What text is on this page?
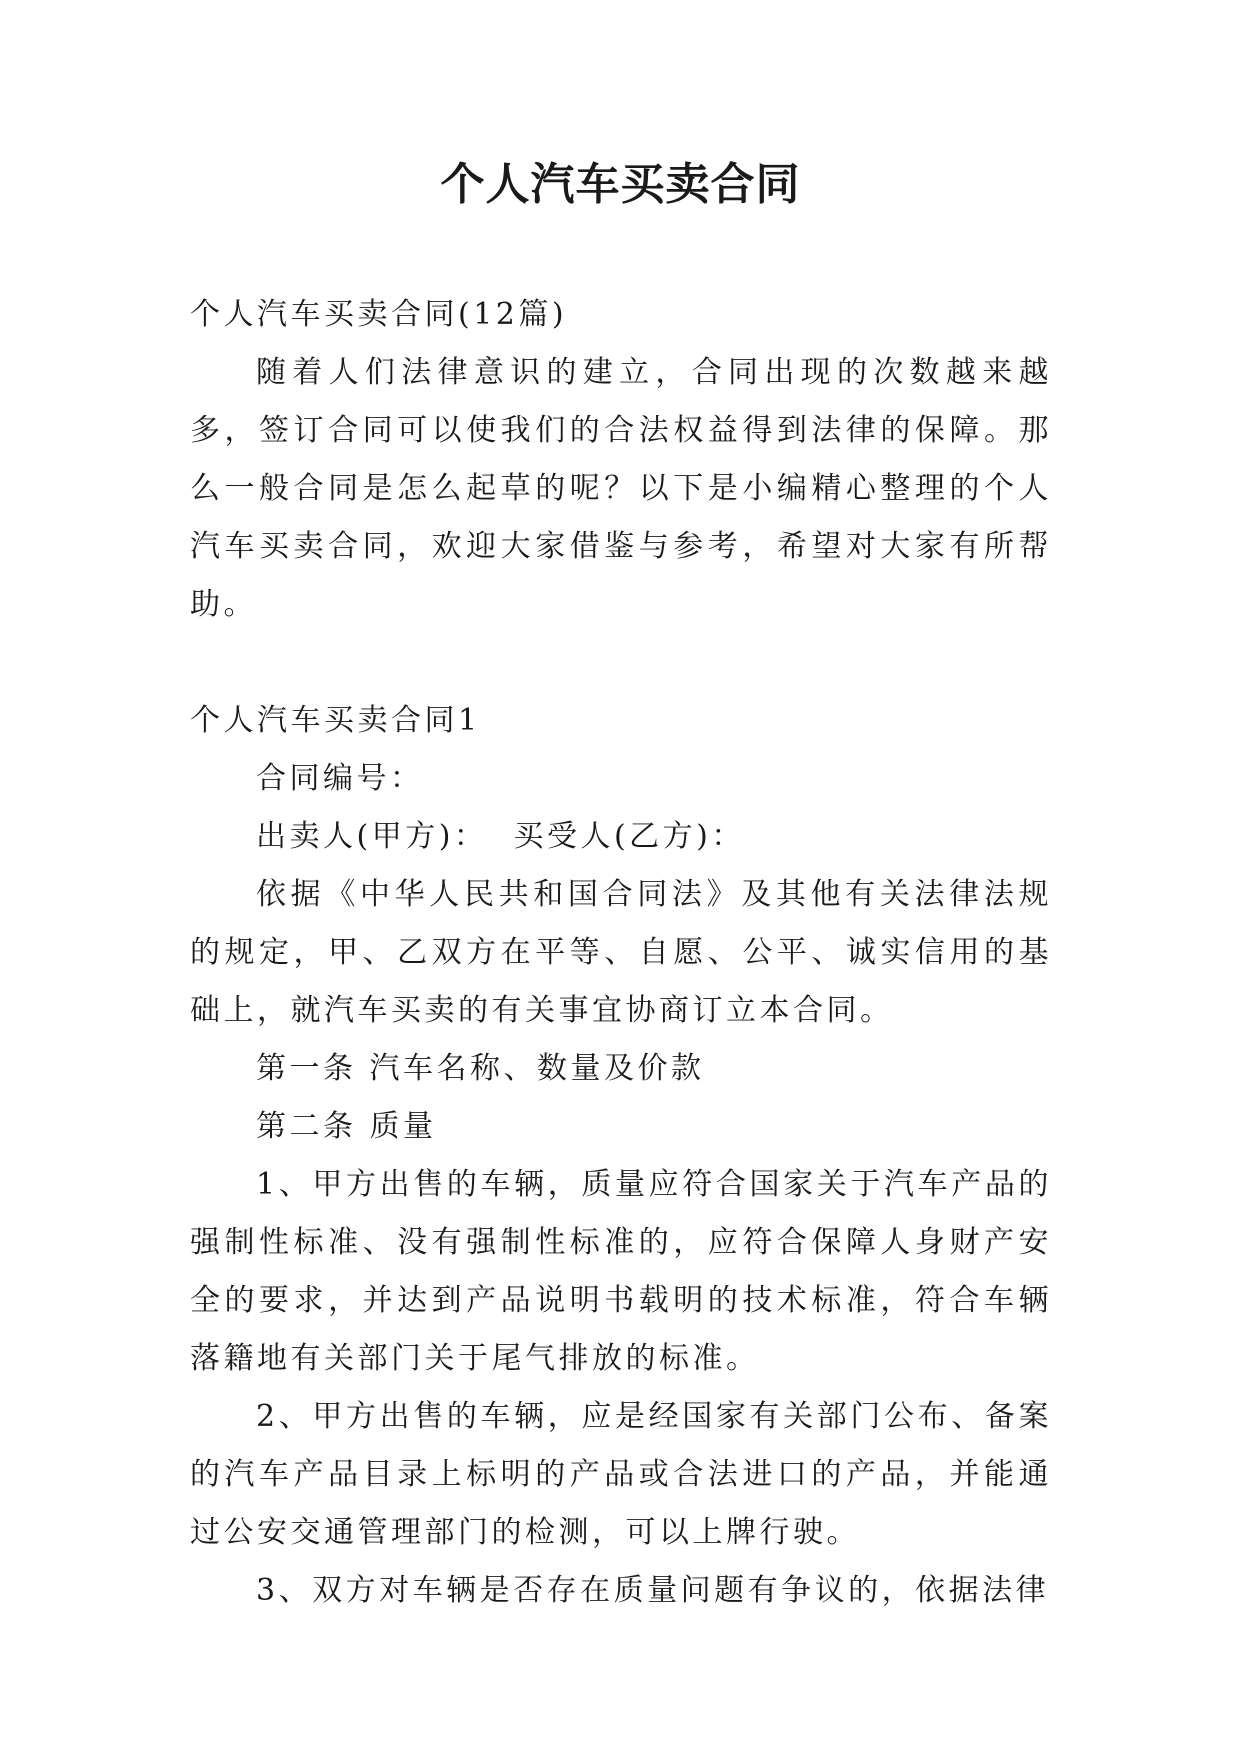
个人汽车买卖合同

个人汽车买卖合同(12篇)

随着人们法律意识的建立，合同出现的次数越来越多，签订合同可以使我们的合法权益得到法律的保障。那么一般合同是怎么起草的呢？以下是小编精心整理的个人汽车买卖合同，欢迎大家借鉴与参考，希望对大家有所帮助。

个人汽车买卖合同1

合同编号：

出卖人(甲方)：  买受人(乙方)：

依据《中华人民共和国合同法》及其他有关法律法规的规定，甲、乙双方在平等、自愿、公平、诚实信用的基础上，就汽车买卖的有关事宜协商订立本合同。

第一条 汽车名称、数量及价款

第二条 质量

1、甲方出售的车辆，质量应符合国家关于汽车产品的强制性标准、没有强制性标准的，应符合保障人身财产安全的要求，并达到产品说明书载明的技术标准，符合车辆落籍地有关部门关于尾气排放的标准。

2、甲方出售的车辆，应是经国家有关部门公布、备案的汽车产品目录上标明的产品或合法进口的产品，并能通过公安交通管理部门的检测，可以上牌行驶。

3、双方对车辆是否存在质量问题有争议的，依据法律
